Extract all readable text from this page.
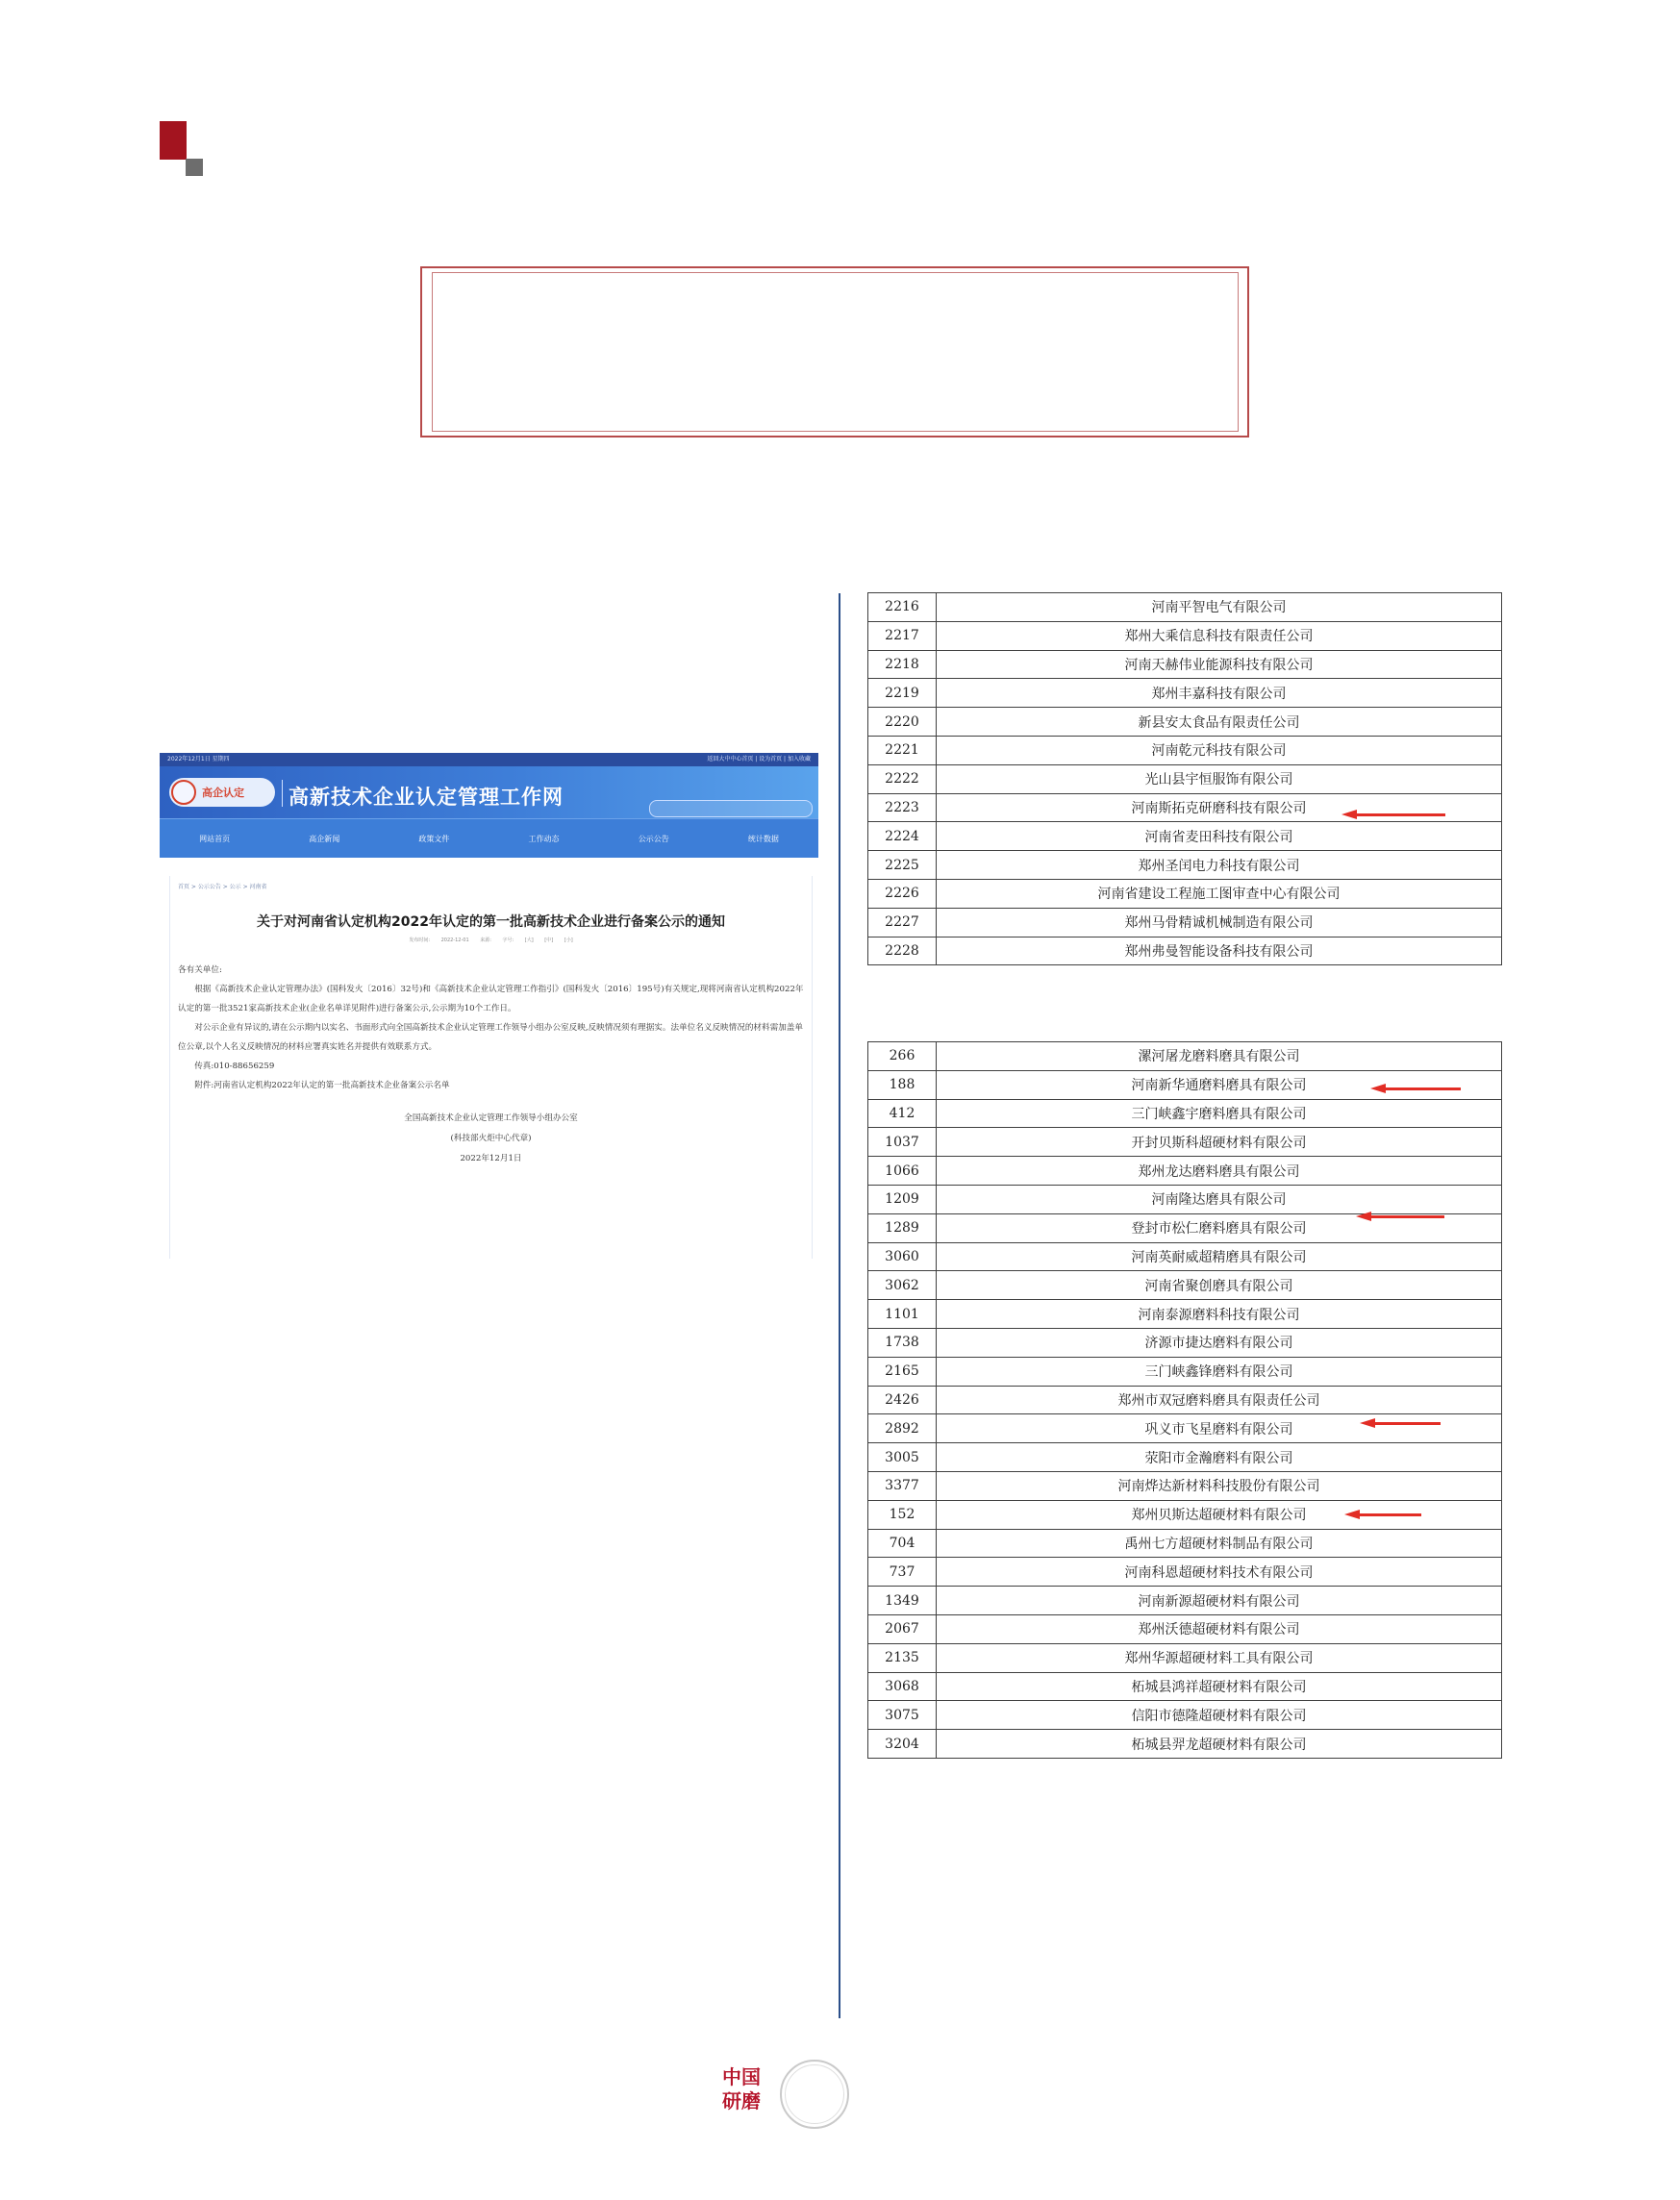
2022年12月1日 星期四	返回大中中心首页 | 设为首页 | 加入收藏
高企认定 高新技术企业认定管理工作网
网站首页	高企新闻	政策文件	工作动态	公示公告	统计数据
首页 > 公示公告 > 公示 > 河南省
关于对河南省认定机构2022年认定的第一批高新技术企业进行备案公示的通知
发布时间: 2022-12-01 来源: 字号: [大] [中] [小]

各有关单位:

根据《高新技术企业认定管理办法》(国科发火〔2016〕32号)和《高新技术企业认定管理工作指引》(国科发火〔2016〕195号)有关规定,现将河南省认定机构2022年认定的第一批3521家高新技术企业(企业名单详见附件)进行备案公示,公示期为10个工作日。

对公示企业有异议的,请在公示期内以实名、书面形式向全国高新技术企业认定管理工作领导小组办公室反映,反映情况须有理据实。法单位名义反映情况的材料需加盖单位公章,以个人名义反映情况的材料应署真实姓名并提供有效联系方式。

传真:010-88656259

附件:河南省认定机构2022年认定的第一批高新技术企业备案公示名单

全国高新技术企业认定管理工作领导小组办公室
(科技部火炬中心代章)
2022年12月1日
2216	河南平智电气有限公司
2217	郑州大乘信息科技有限责任公司
2218	河南天赫伟业能源科技有限公司
2219	郑州丰嘉科技有限公司
2220	新县安太食品有限责任公司
2221	河南乾元科技有限公司
2222	光山县宇恒服饰有限公司
2223	河南斯拓克研磨科技有限公司
2224	河南省麦田科技有限公司
2225	郑州圣闰电力科技有限公司
2226	河南省建设工程施工图审查中心有限公司
2227	郑州马骨精诚机械制造有限公司
2228	郑州弗曼智能设备科技有限公司
266	漯河屠龙磨料磨具有限公司
188	河南新华通磨料磨具有限公司
412	三门峡鑫宇磨料磨具有限公司
1037	开封贝斯科超硬材料有限公司
1066	郑州龙达磨料磨具有限公司
1209	河南隆达磨具有限公司
1289	登封市松仁磨料磨具有限公司
3060	河南英耐威超精磨具有限公司
3062	河南省聚创磨具有限公司
1101	河南泰源磨料科技有限公司
1738	济源市捷达磨料有限公司
2165	三门峡鑫锋磨料有限公司
2426	郑州市双冠磨料磨具有限责任公司
2892	巩义市飞星磨料有限公司
3005	荥阳市金瀚磨料有限公司
3377	河南烨达新材料科技股份有限公司
152	郑州贝斯达超硬材料有限公司
704	禹州七方超硬材料制品有限公司
737	河南科恩超硬材料技术有限公司
1349	河南新源超硬材料有限公司
2067	郑州沃德超硬材料有限公司
2135	郑州华源超硬材料工具有限公司
3068	柘城县鸿祥超硬材料有限公司
3075	信阳市德隆超硬材料有限公司
3204	柘城县羿龙超硬材料有限公司
中国
研磨
